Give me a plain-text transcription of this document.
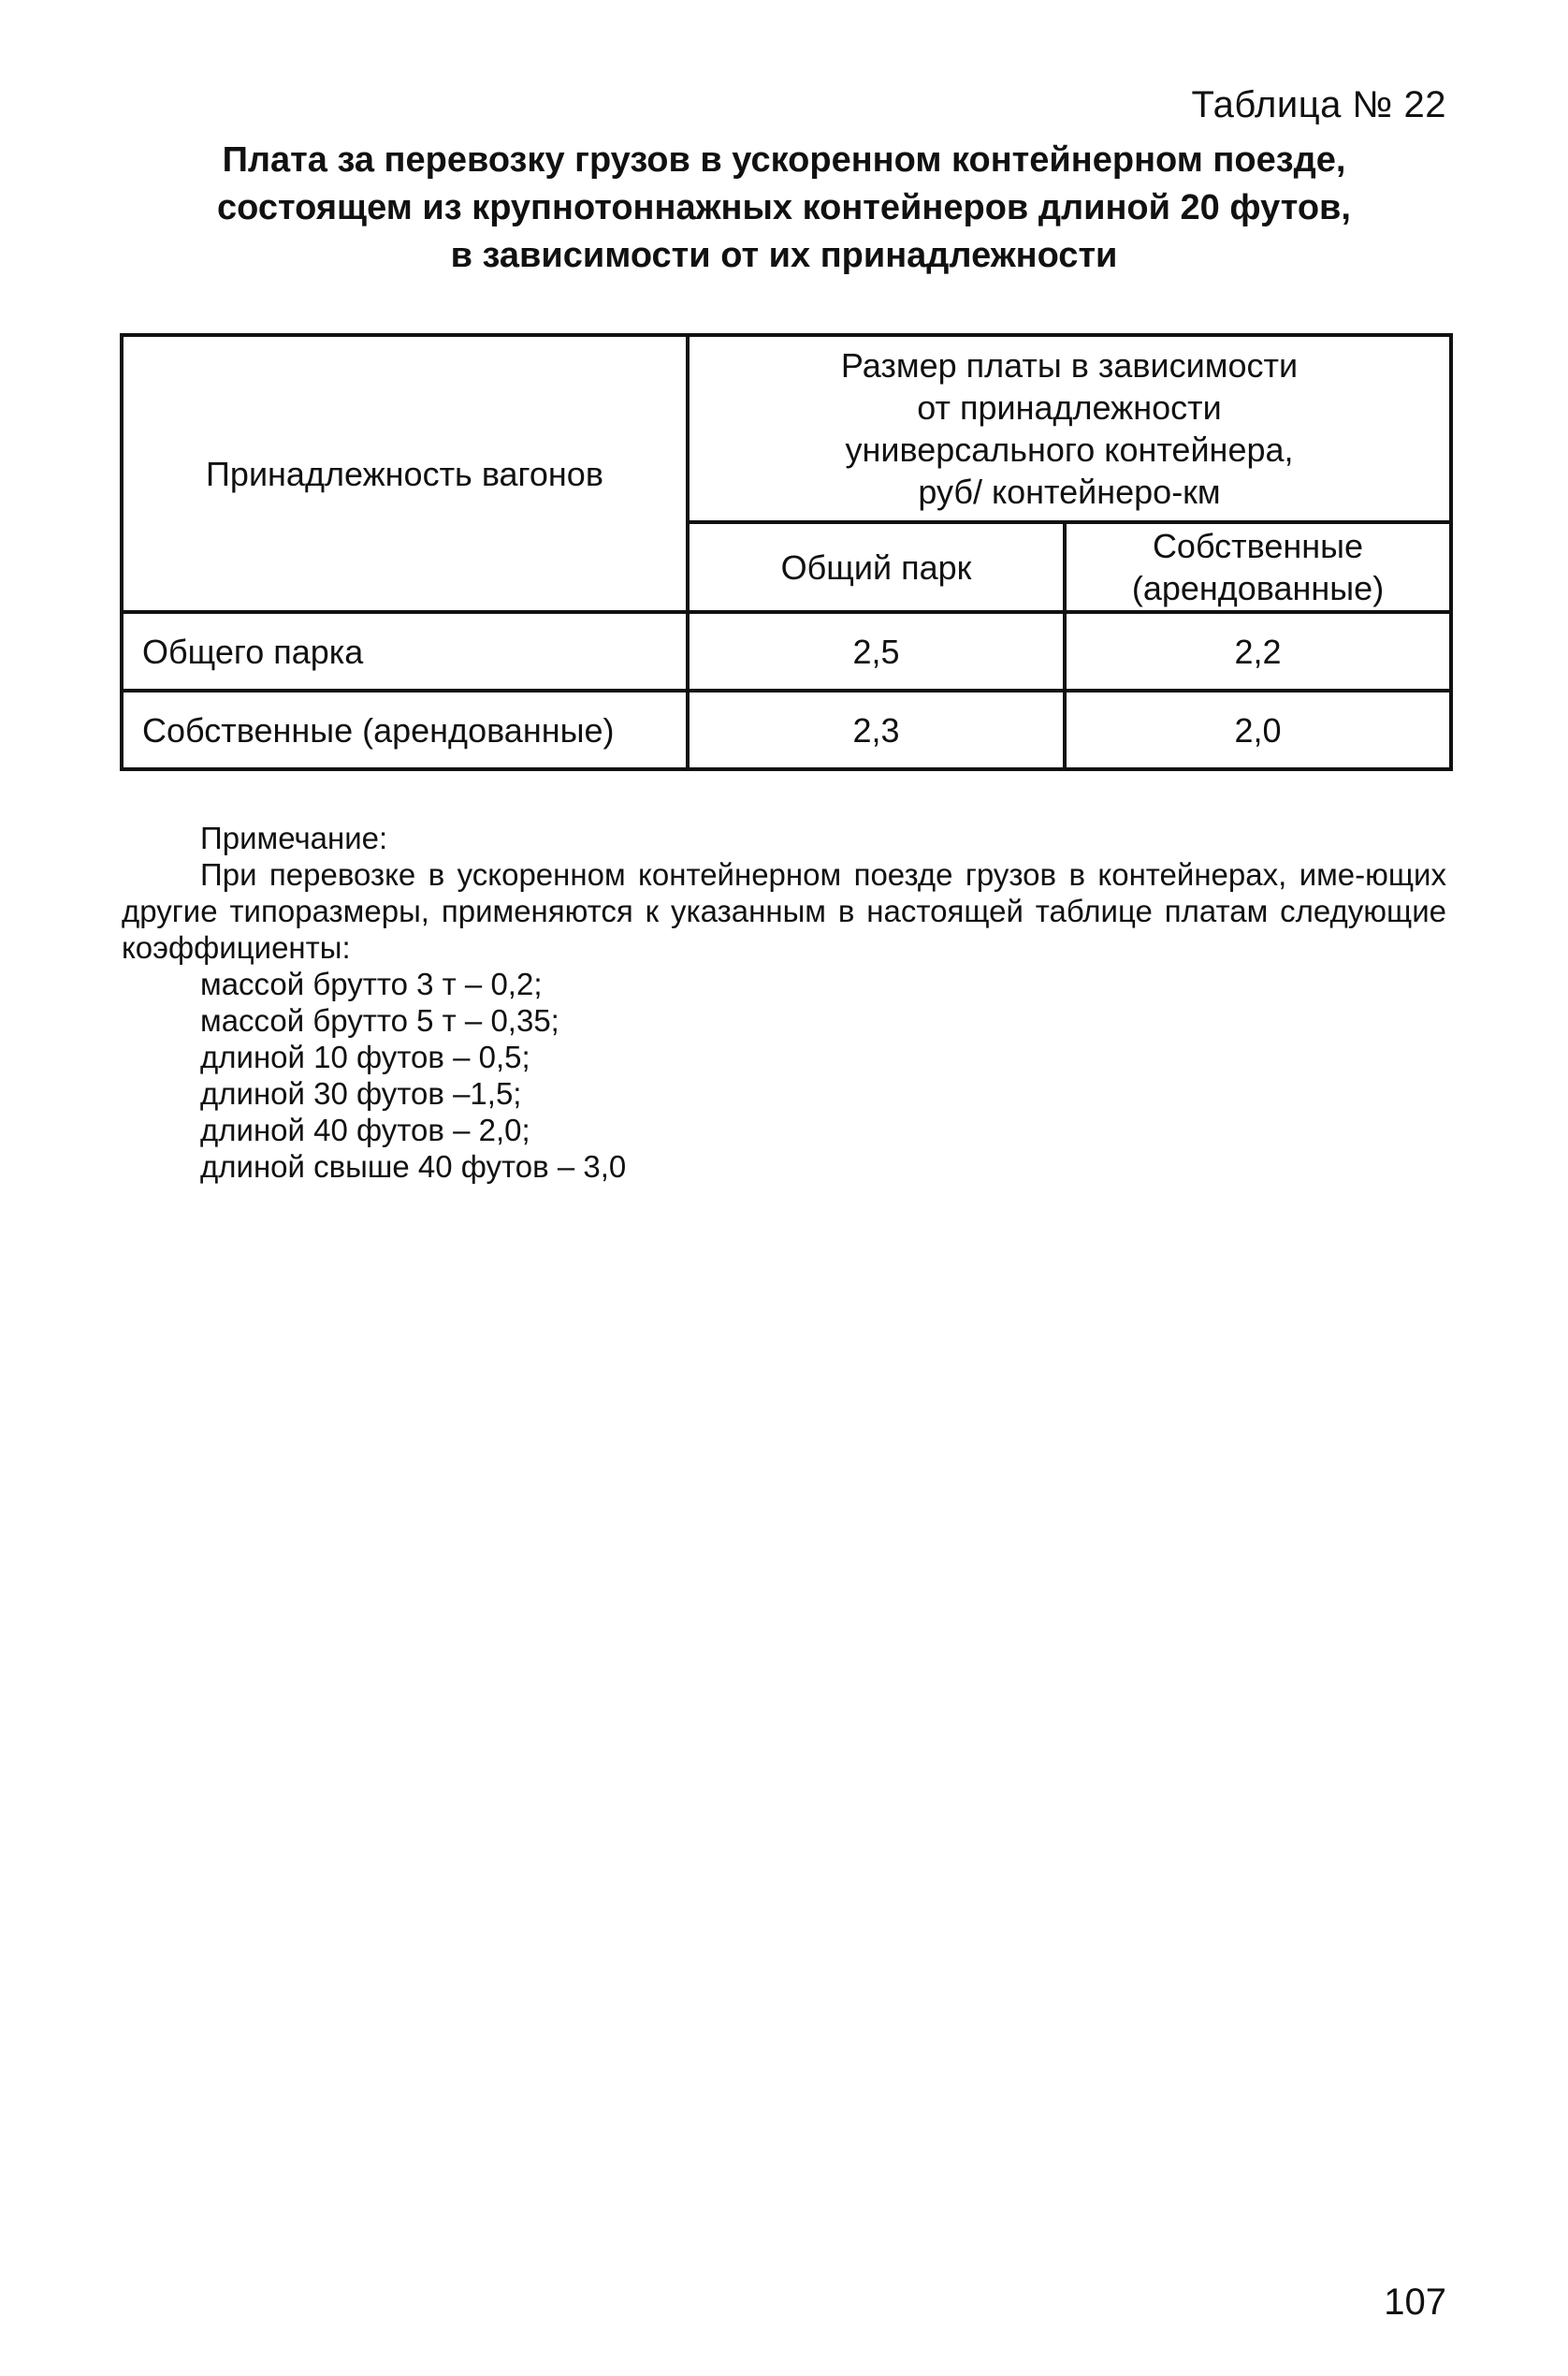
Таблица № 22
Плата за перевозку грузов в ускоренном контейнерном поезде,
состоящем из крупнотоннажных контейнеров длиной 20 футов,
в зависимости от их принадлежности
Принадлежность вагонов	Размер платы в зависимости
от принадлежности
универсального контейнера,
руб/ контейнеро-км	

	Общий парк	Собственные
(арендованные)

Общего парка	2,5	2,2
Собственные (арендованные)	2,3	2,0
Примечание:
При перевозке в ускоренном контейнерном поезде грузов в контейнерах, име-ющих другие типоразмеры, применяются к указанным в настоящей таблице платам следующие коэффициенты:
массой брутто 3 т – 0,2;
массой брутто 5 т – 0,35;
длиной 10 футов – 0,5;
длиной 30 футов –1,5;
длиной 40 футов – 2,0;
длиной свыше 40 футов – 3,0
107
